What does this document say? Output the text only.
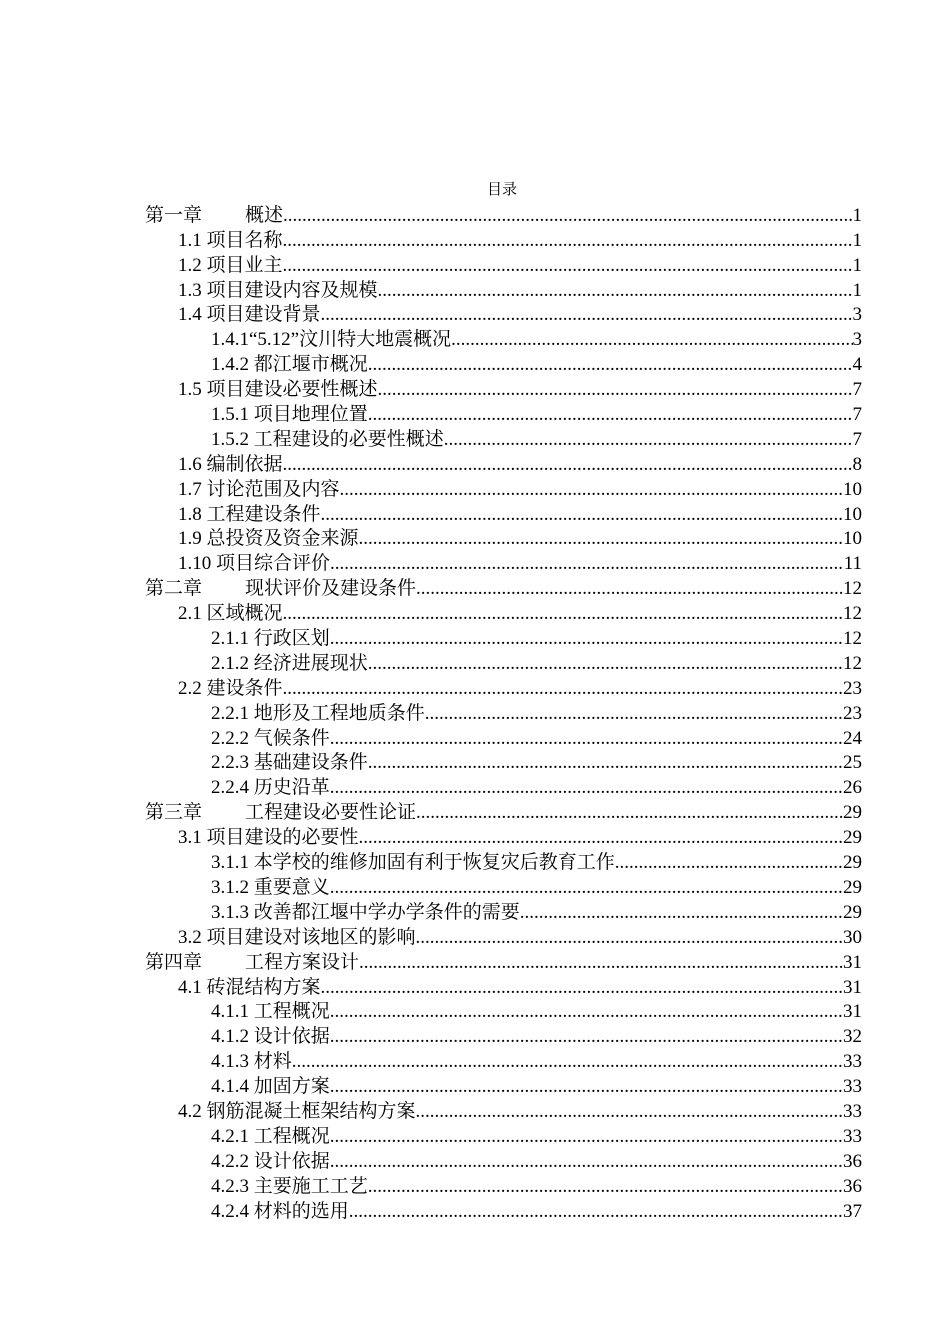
目录
第一章 概述 .....	1
1.1 项目名称 .....	1
1.2 项目业主 .....	1
1.3 项目建设内容及规模 .....	1
1.4 项目建设背景 .....	3
1.4.1“5.12”汶川特大地震概况 .....	3
1.4.2 都江堰市概况 .....	4
1.5 项目建设必要性概述 .....	7
1.5.1 项目地理位置 .....	7
1.5.2 工程建设的必要性概述 .....	7
1.6 编制依据 .....	8
1.7 讨论范围及内容 .....	10
1.8 工程建设条件 .....	10
1.9 总投资及资金来源 .....	10
1.10 项目综合评价 .....	11
第二章 现状评价及建设条件 .....	12
2.1 区域概况 .....	12
2.1.1 行政区划 .....	12
2.1.2 经济进展现状 .....	12
2.2 建设条件 .....	23
2.2.1 地形及工程地质条件 .....	23
2.2.2 气候条件 .....	24
2.2.3 基础建设条件 .....	25
2.2.4 历史沿革 .....	26
第三章 工程建设必要性论证 .....	29
3.1 项目建设的必要性 .....	29
3.1.1 本学校的维修加固有利于恢复灾后教育工作 .....	29
3.1.2 重要意义 .....	29
3.1.3 改善都江堰中学办学条件的需要 .....	29
3.2 项目建设对该地区的影响 .....	30
第四章 工程方案设计 .....	31
4.1 砖混结构方案 .....	31
4.1.1 工程概况 .....	31
4.1.2 设计依据 .....	32
4.1.3 材料 .....	33
4.1.4 加固方案 .....	33
4.2 钢筋混凝土框架结构方案 .....	33
4.2.1 工程概况 .....	33
4.2.2 设计依据 .....	36
4.2.3 主要施工工艺 .....	36
4.2.4 材料的选用 .....	37
